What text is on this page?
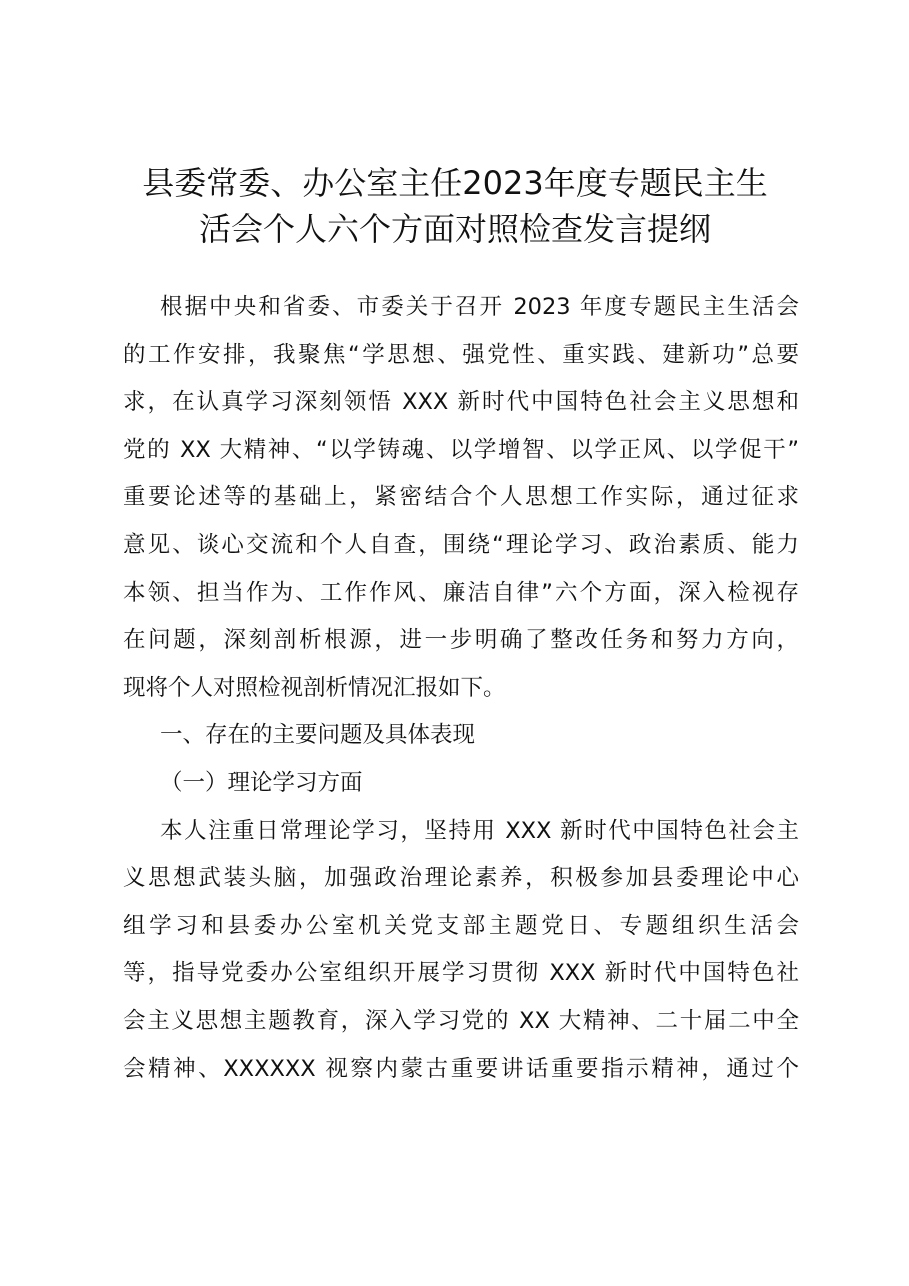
县委常委、办公室主任2023年度专题民主生
活会个人六个方面对照检查发言提纲
根据中央和省委、市委关于召开 2023 年度专题民主生活会
的工作安排，我聚焦“学思想、强党性、重实践、建新功”总要
求，在认真学习深刻领悟 XXX 新时代中国特色社会主义思想和
党的 XX 大精神、“以学铸魂、以学增智、以学正风、以学促干”
重要论述等的基础上，紧密结合个人思想工作实际，通过征求
意见、谈心交流和个人自查，围绕“理论学习、政治素质、能力
本领、担当作为、工作作风、廉洁自律”六个方面，深入检视存
在问题，深刻剖析根源，进一步明确了整改任务和努力方向，
现将个人对照检视剖析情况汇报如下。
一、存在的主要问题及具体表现
（一）理论学习方面
本人注重日常理论学习，坚持用 XXX 新时代中国特色社会主
义思想武装头脑，加强政治理论素养，积极参加县委理论中心
组学习和县委办公室机关党支部主题党日、专题组织生活会
等，指导党委办公室组织开展学习贯彻 XXX 新时代中国特色社
会主义思想主题教育，深入学习党的 XX 大精神、二十届二中全
会精神、XXXXXX 视察内蒙古重要讲话重要指示精神，通过个
